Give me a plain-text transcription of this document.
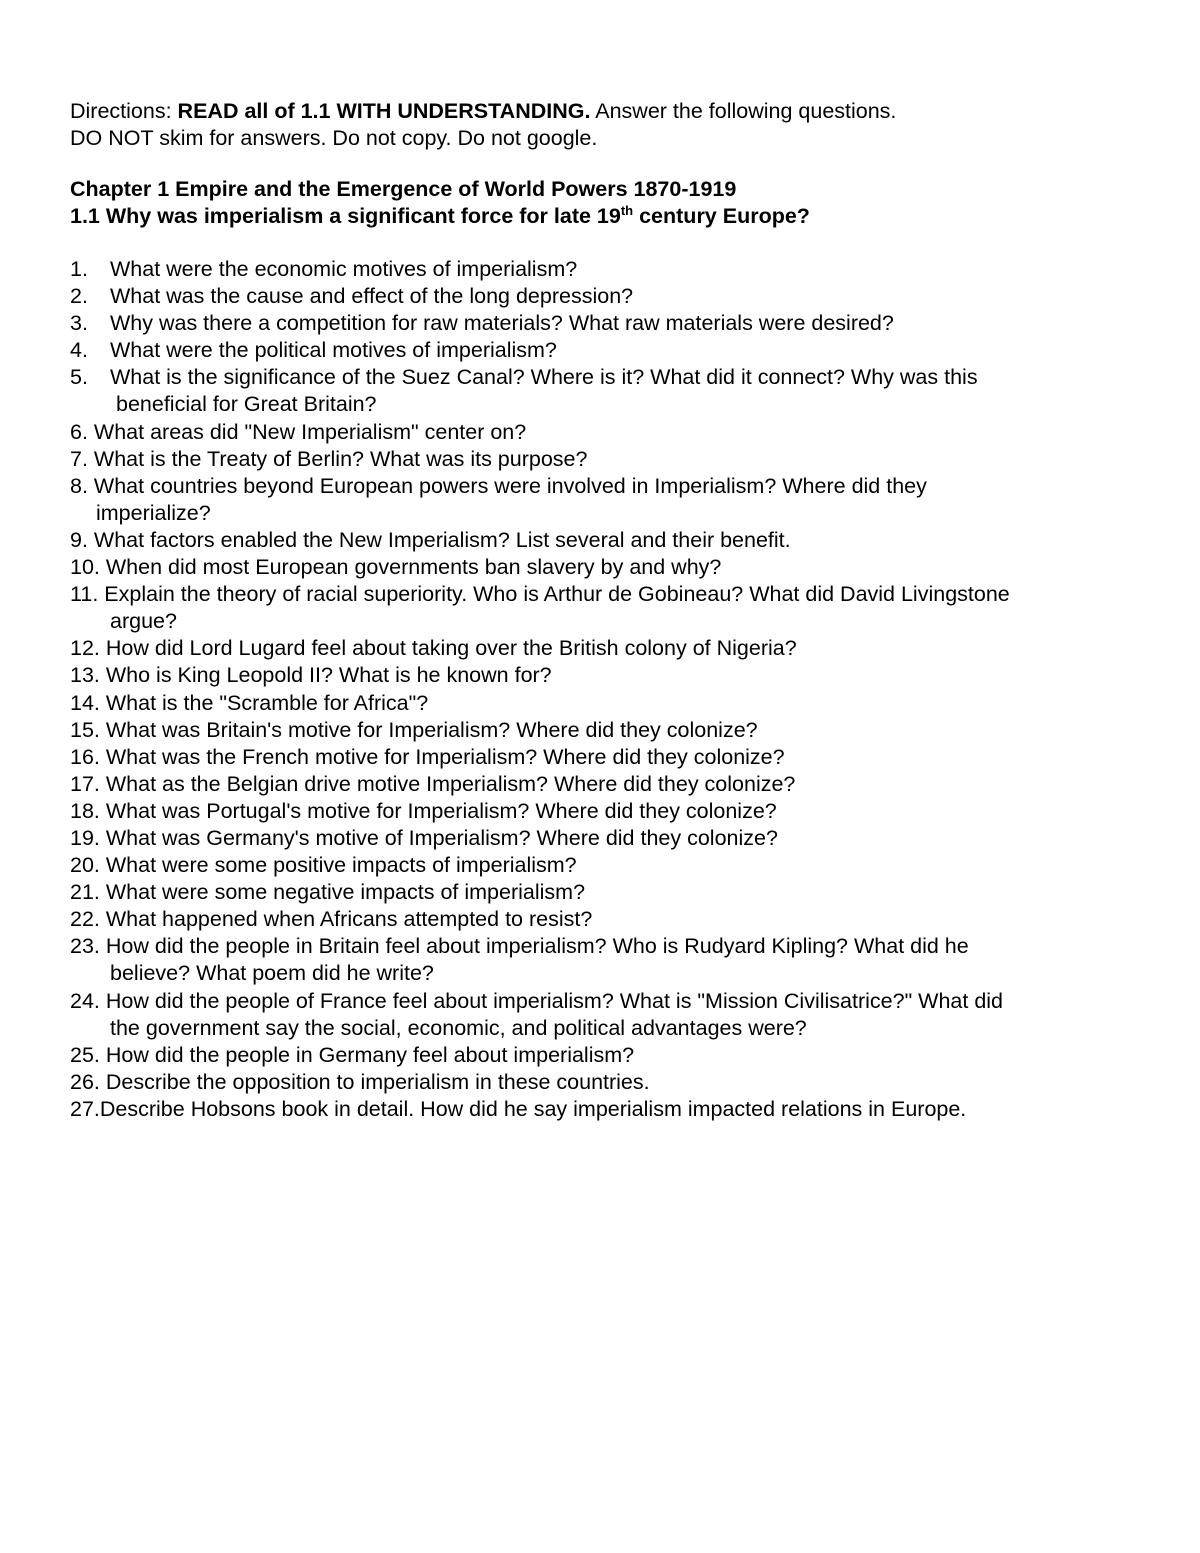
Directions: READ all of 1.1 WITH UNDERSTANDING. Answer the following questions.
DO NOT skim for answers. Do not copy. Do not google.
Chapter 1 Empire and the Emergence of World Powers 1870-1919
1.1 Why was imperialism a significant force for late 19th century Europe?
1. What were the economic motives of imperialism?
2. What was the cause and effect of the long depression?
3. Why was there a competition for raw materials? What raw materials were desired?
4. What were the political motives of imperialism?
5. What is the significance of the Suez Canal? Where is it? What did it connect? Why was this
beneficial for Great Britain?
6. What areas did "New Imperialism" center on?
7. What is the Treaty of Berlin? What was its purpose?
8. What countries beyond European powers were involved in Imperialism? Where did they
imperialize?
9. What factors enabled the New Imperialism? List several and their benefit.
10. When did most European governments ban slavery by and why?
11. Explain the theory of racial superiority. Who is Arthur de Gobineau? What did David Livingstone
argue?
12. How did Lord Lugard feel about taking over the British colony of Nigeria?
13. Who is King Leopold II? What is he known for?
14. What is the "Scramble for Africa"?
15. What was Britain's motive for Imperialism? Where did they colonize?
16. What was the French motive for Imperialism? Where did they colonize?
17. What as the Belgian drive motive Imperialism? Where did they colonize?
18. What was Portugal's motive for Imperialism? Where did they colonize?
19. What was Germany's motive of Imperialism? Where did they colonize?
20. What were some positive impacts of imperialism?
21. What were some negative impacts of imperialism?
22. What happened when Africans attempted to resist?
23. How did the people in Britain feel about imperialism? Who is Rudyard Kipling? What did he
believe? What poem did he write?
24. How did the people of France feel about imperialism? What is "Mission Civilisatrice?" What did
the government say the social, economic, and political advantages were?
25. How did the people in Germany feel about imperialism?
26. Describe the opposition to imperialism in these countries.
27.Describe Hobsons book in detail. How did he say imperialism impacted relations in Europe.
